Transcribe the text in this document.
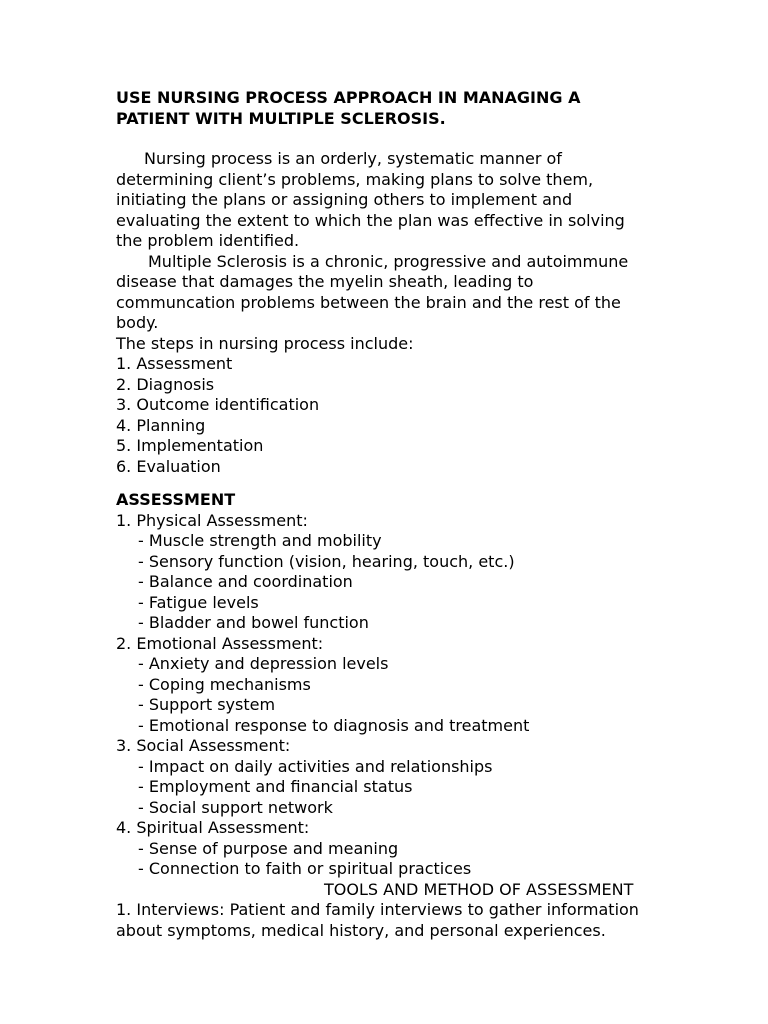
USE NURSING PROCESS APPROACH IN MANAGING A
PATIENT WITH MULTIPLE SCLEROSIS.

Nursing process is an orderly, systematic manner of determining client’s problems, making plans to solve them, initiating the plans or assigning others to implement and evaluating the extent to which the plan was effective in solving the problem identified.

Multiple Sclerosis is a chronic, progressive and autoimmune disease that damages the myelin sheath, leading to communcation problems between the brain and the rest of the body.

The steps in nursing process include:

1. Assessment
2. Diagnosis
3. Outcome identification
4. Planning
5. Implementation
6. Evaluation
ASSESSMENT
1. Physical Assessment:
- Muscle strength and mobility
- Sensory function (vision, hearing, touch, etc.)
- Balance and coordination
- Fatigue levels
- Bladder and bowel function
2. Emotional Assessment:
- Anxiety and depression levels
- Coping mechanisms
- Support system
- Emotional response to diagnosis and treatment
3. Social Assessment:
- Impact on daily activities and relationships
- Employment and financial status
- Social support network
4. Spiritual Assessment:
- Sense of purpose and meaning
- Connection to faith or spiritual practices
TOOLS AND METHOD OF ASSESSMENT

1. Interviews: Patient and family interviews to gather information about symptoms, medical history, and personal experiences.
